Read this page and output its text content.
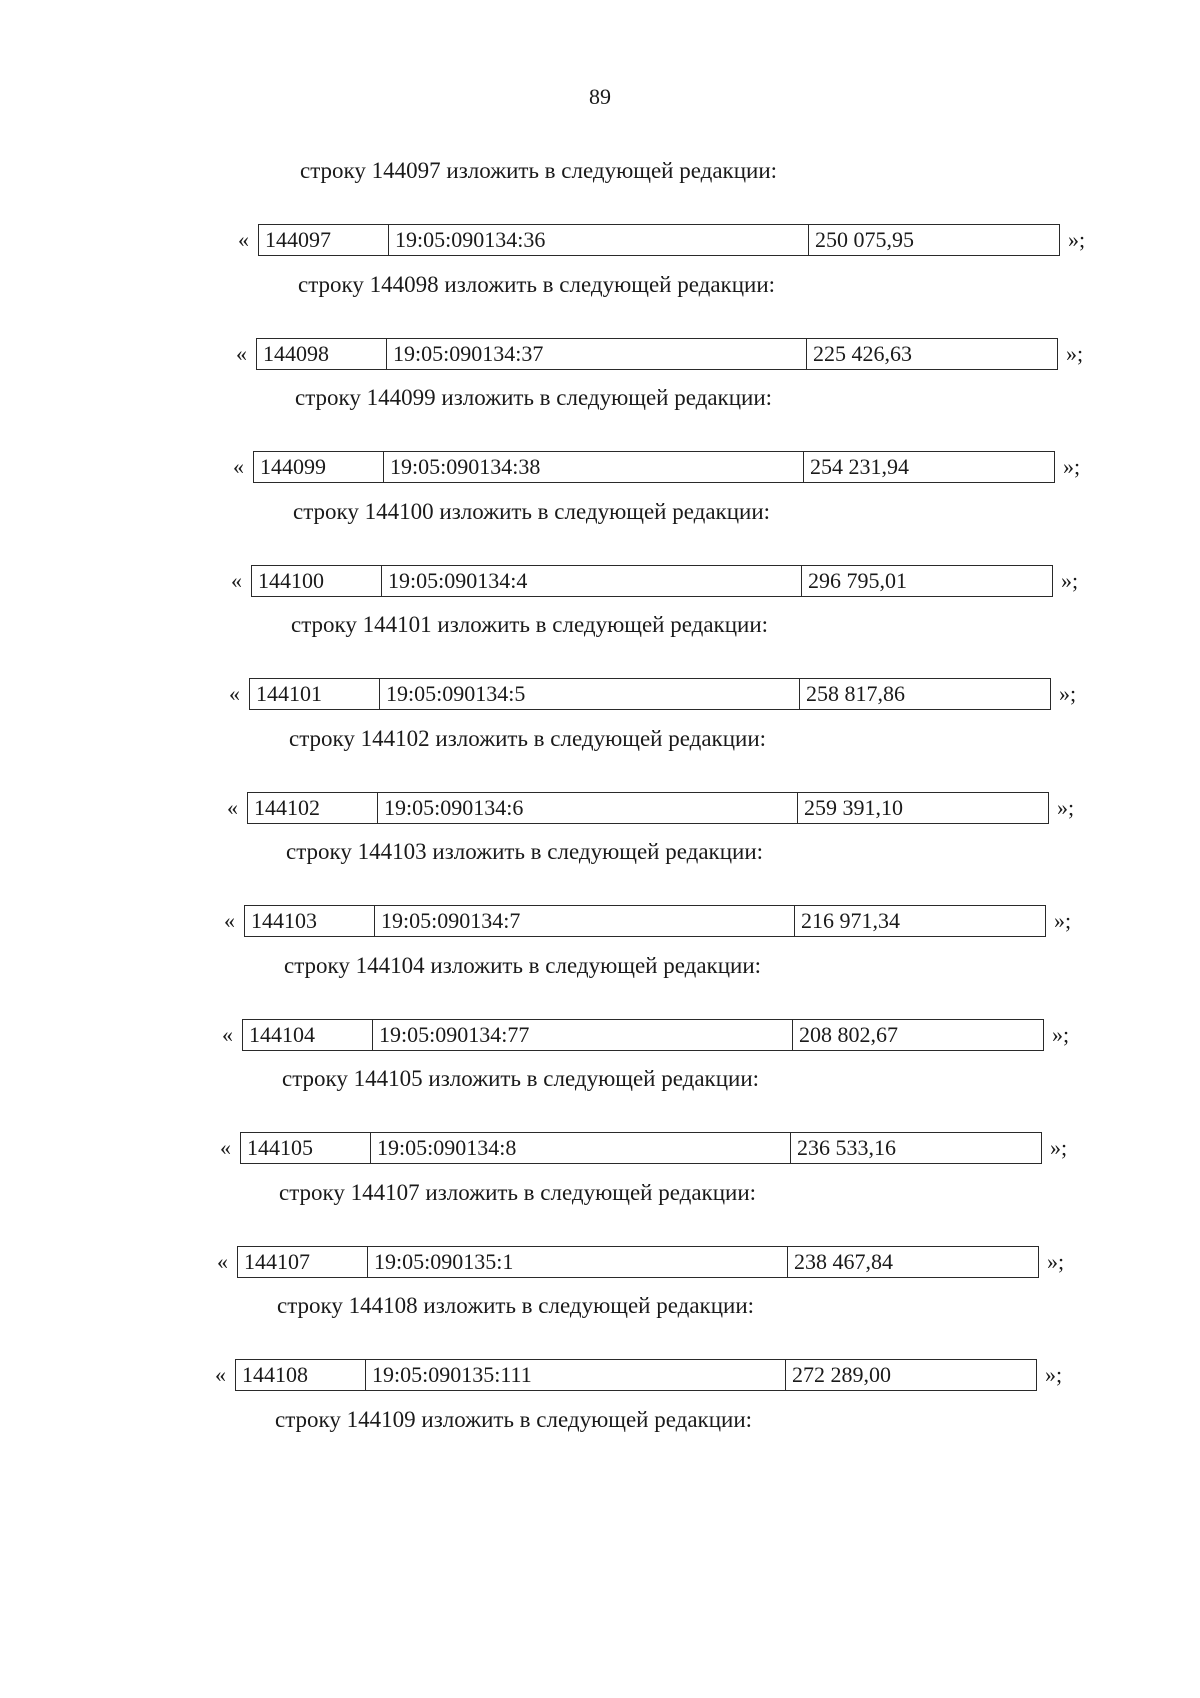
89
строку 144097 изложить в следующей редакции:
« 144097	19:05:090134:36	250 075,95	»;
строку 144098 изложить в следующей редакции:
« 144098	19:05:090134:37	225 426,63	»;
строку 144099 изложить в следующей редакции:
« 144099	19:05:090134:38	254 231,94	»;
строку 144100 изложить в следующей редакции:
« 144100	19:05:090134:4	296 795,01	»;
строку 144101 изложить в следующей редакции:
« 144101	19:05:090134:5	258 817,86	»;
строку 144102 изложить в следующей редакции:
« 144102	19:05:090134:6	259 391,10	»;
строку 144103 изложить в следующей редакции:
« 144103	19:05:090134:7	216 971,34	»;
строку 144104 изложить в следующей редакции:
« 144104	19:05:090134:77	208 802,67	»;
строку 144105 изложить в следующей редакции:
« 144105	19:05:090134:8	236 533,16	»;
строку 144107 изложить в следующей редакции:
« 144107	19:05:090135:1	238 467,84	»;
строку 144108 изложить в следующей редакции:
« 144108	19:05:090135:111	272 289,00	»;
строку 144109 изложить в следующей редакции:
